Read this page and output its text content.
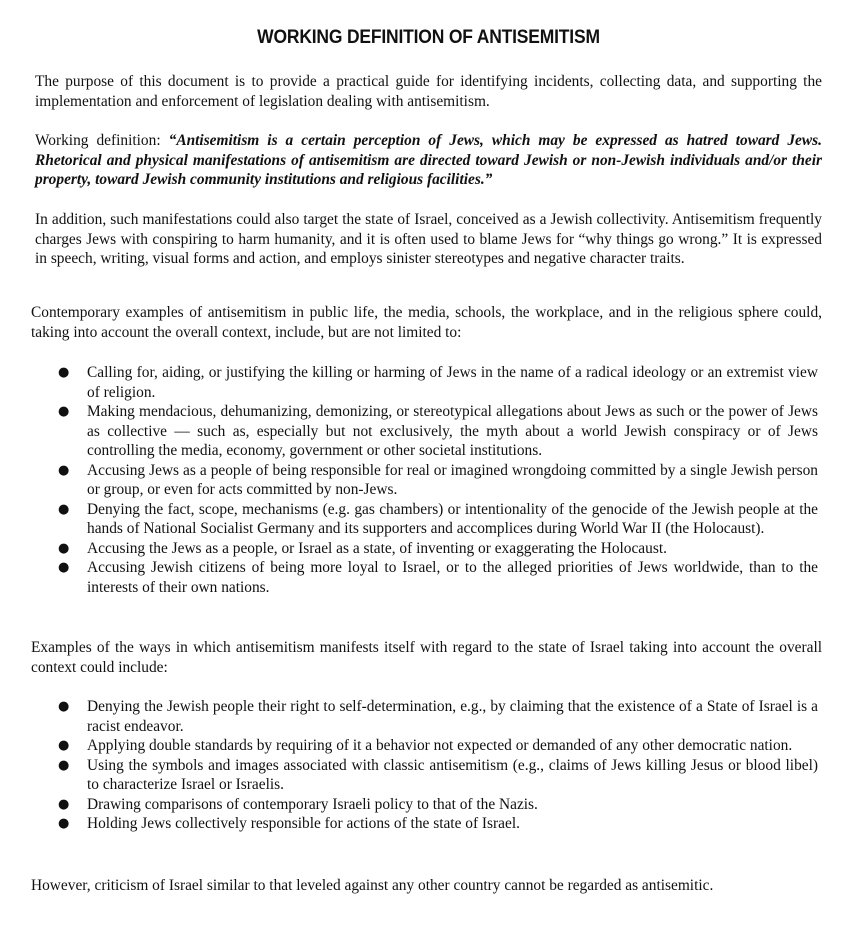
WORKING DEFINITION OF ANTISEMITISM

The purpose of this document is to provide a practical guide for identifying incidents, collecting data, and supporting the implementation and enforcement of legislation dealing with antisemitism.

Working definition: “Antisemitism is a certain perception of Jews, which may be expressed as hatred toward Jews. Rhetorical and physical manifestations of antisemitism are directed toward Jewish or non-Jewish individuals and/or their property, toward Jewish community institutions and religious facilities.”

In addition, such manifestations could also target the state of Israel, conceived as a Jewish collectivity. Antisemitism frequently charges Jews with conspiring to harm humanity, and it is often used to blame Jews for “why things go wrong.” It is expressed in speech, writing, visual forms and action, and employs sinister stereotypes and negative character traits.

Contemporary examples of antisemitism in public life, the media, schools, the workplace, and in the religious sphere could, taking into account the overall context, include, but are not limited to:

● Calling for, aiding, or justifying the killing or harming of Jews in the name of a radical ideology or an extremist view of religion.
● Making mendacious, dehumanizing, demonizing, or stereotypical allegations about Jews as such or the power of Jews as collective — such as, especially but not exclusively, the myth about a world Jewish conspiracy or of Jews controlling the media, economy, government or other societal institutions.
● Accusing Jews as a people of being responsible for real or imagined wrongdoing committed by a single Jewish person or group, or even for acts committed by non-Jews.
● Denying the fact, scope, mechanisms (e.g. gas chambers) or intentionality of the genocide of the Jewish people at the hands of National Socialist Germany and its supporters and accomplices during World War II (the Holocaust).
● Accusing the Jews as a people, or Israel as a state, of inventing or exaggerating the Holocaust.
● Accusing Jewish citizens of being more loyal to Israel, or to the alleged priorities of Jews worldwide, than to the interests of their own nations.

Examples of the ways in which antisemitism manifests itself with regard to the state of Israel taking into account the overall context could include:

● Denying the Jewish people their right to self-determination, e.g., by claiming that the existence of a State of Israel is a racist endeavor.
● Applying double standards by requiring of it a behavior not expected or demanded of any other democratic nation.
● Using the symbols and images associated with classic antisemitism (e.g., claims of Jews killing Jesus or blood libel) to characterize Israel or Israelis.
● Drawing comparisons of contemporary Israeli policy to that of the Nazis.
● Holding Jews collectively responsible for actions of the state of Israel.

However, criticism of Israel similar to that leveled against any other country cannot be regarded as antisemitic.
